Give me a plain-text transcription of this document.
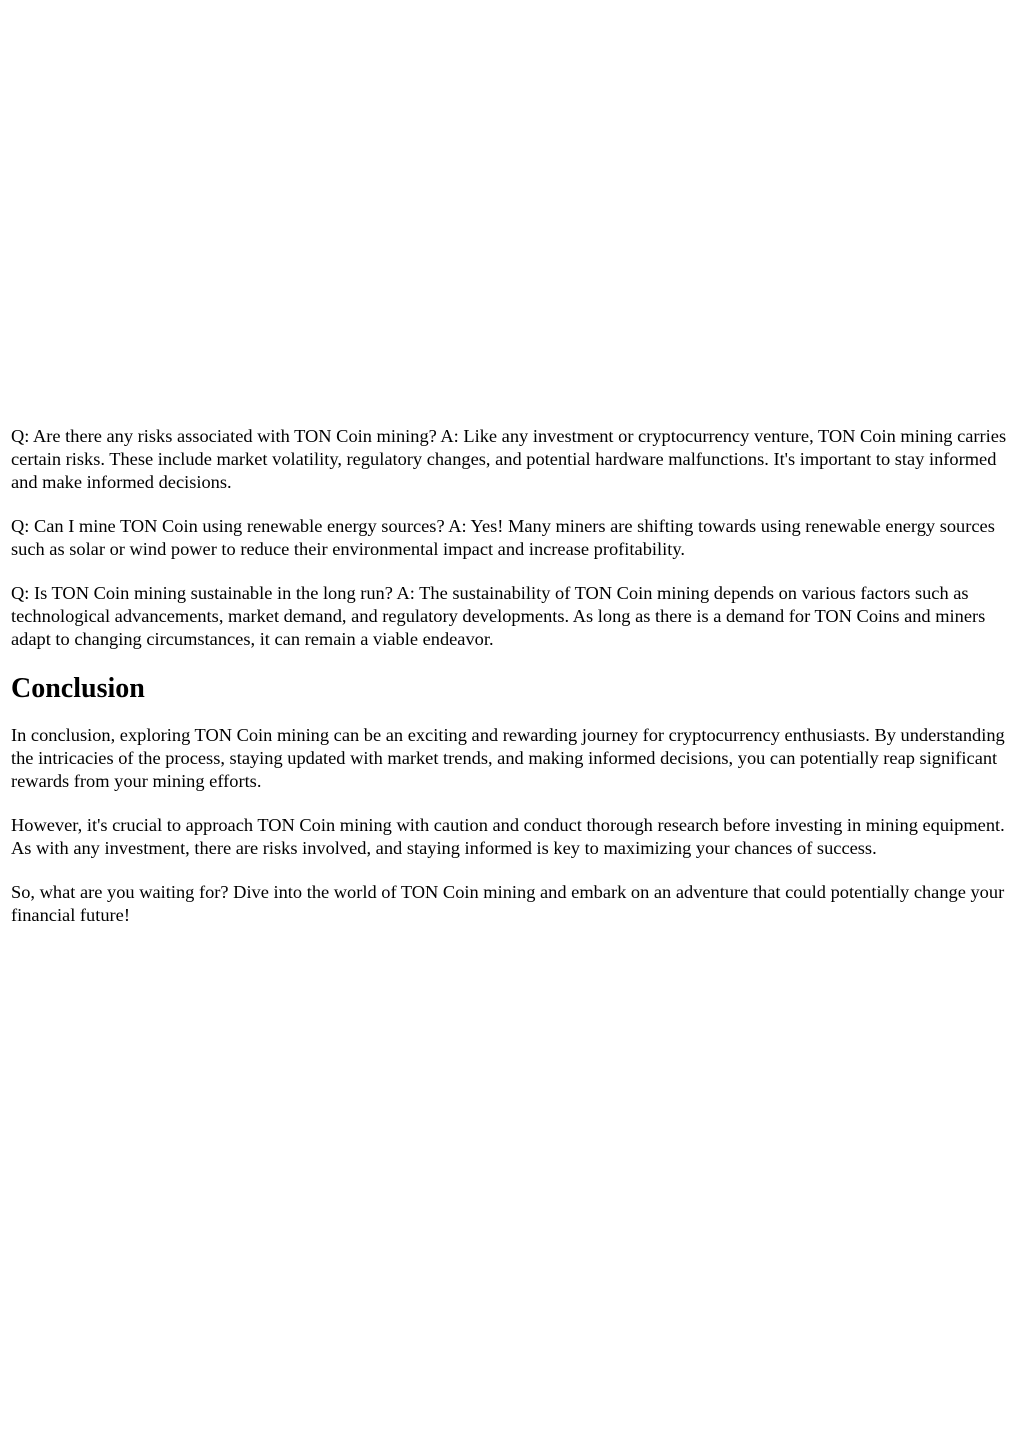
Q: Are there any risks associated with TON Coin mining? A: Like any investment or cryptocurrency venture, TON Coin mining carries certain risks. These include market volatility, regulatory changes, and potential hardware malfunctions. It's important to stay informed and make informed decisions.

Q: Can I mine TON Coin using renewable energy sources? A: Yes! Many miners are shifting towards using renewable energy sources such as solar or wind power to reduce their environmental impact and increase profitability.

Q: Is TON Coin mining sustainable in the long run? A: The sustainability of TON Coin mining depends on various factors such as technological advancements, market demand, and regulatory developments. As long as there is a demand for TON Coins and miners adapt to changing circumstances, it can remain a viable endeavor.

Conclusion

In conclusion, exploring TON Coin mining can be an exciting and rewarding journey for cryptocurrency enthusiasts. By understanding the intricacies of the process, staying updated with market trends, and making informed decisions, you can potentially reap significant rewards from your mining efforts.

However, it's crucial to approach TON Coin mining with caution and conduct thorough research before investing in mining equipment. As with any investment, there are risks involved, and staying informed is key to maximizing your chances of success.

So, what are you waiting for? Dive into the world of TON Coin mining and embark on an adventure that could potentially change your financial future!
